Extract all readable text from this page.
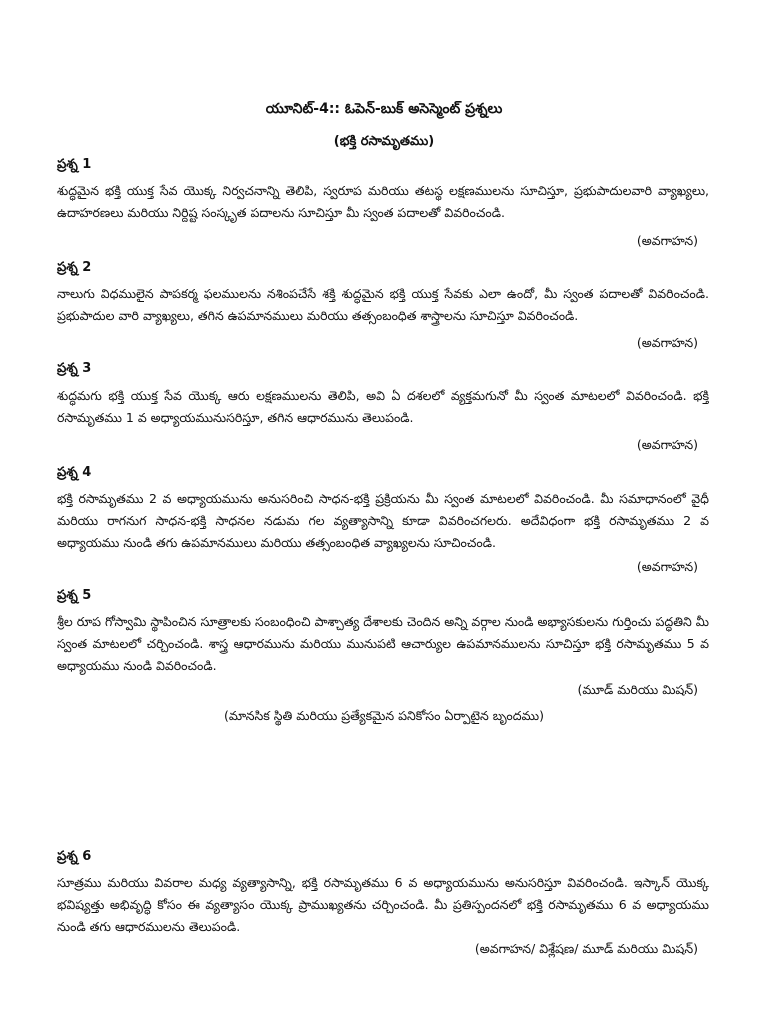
యూనిట్-4:: ఓపెన్-బుక్ అసెస్మెంట్ ప్రశ్నలు
(భక్తి రసామృతము)
ప్రశ్న 1
శుద్ధమైన భక్తి యుక్త సేవ యొక్క నిర్వచనాన్ని తెలిపి, స్వరూప మరియు తటస్థ లక్షణములను సూచిస్తూ, ప్రభుపాదులవారి వ్యాఖ్యలు, ఉదాహరణలు మరియు నిర్దిష్ట సంస్కృత పదాలను సూచిస్తూ మీ స్వంత పదాలతో వివరించండి.
(అవగాహన)
ప్రశ్న 2
నాలుగు విధములైన పాపకర్మ ఫలములను నశింపచేసే శక్తి శుద్ధమైన భక్తి యుక్త సేవకు ఎలా ఉందో, మీ స్వంత పదాలతో వివరించండి. ప్రభుపాదుల వారి వ్యాఖ్యలు, తగిన ఉపమానములు మరియు తత్సంబంధిత శాస్త్రాలను సూచిస్తూ వివరించండి.
(అవగాహన)
ప్రశ్న 3
శుద్ధమగు భక్తి యుక్త సేవ యొక్క ఆరు లక్షణములను తెలిపి, అవి ఏ దశలలో వ్యక్తమగునో మీ స్వంత మాటలలో వివరించండి. భక్తి రసామృతము 1 వ అధ్యాయమునుసరిస్తూ, తగిన ఆధారమును తెలుపండి.
(అవగాహన)
ప్రశ్న 4
భక్తి రసామృతము 2 వ అధ్యాయమును అనుసరించి సాధన-భక్తి ప్రక్రియను మీ స్వంత మాటలలో వివరించండి. మీ సమాధానంలో వైధీ మరియు రాగనుగ సాధన-భక్తి సాధనల నడుమ గల వ్యత్యాసాన్ని కూడా వివరించగలరు. అదేవిధంగా భక్తి రసామృతము 2 వ అధ్యాయము నుండి తగు ఉపమానములు మరియు తత్సంబంధిత వ్యాఖ్యలను సూచించండి.
(అవగాహన)
ప్రశ్న 5
శ్రీల రూప గోస్వామి స్థాపించిన సూత్రాలకు సంబంధించి పాశ్చాత్య దేశాలకు చెందిన అన్ని వర్గాల నుండి అభ్యాసకులను గుర్తించు పద్ధతిని మీ స్వంత మాటలలో చర్చించండి. శాస్త్ర ఆధారమును మరియు మునుపటి ఆచార్యుల ఉపమానములను సూచిస్తూ భక్తి రసామృతము 5 వ అధ్యాయము నుండి వివరించండి.
(మూడ్ మరియు మిషన్)
(మానసిక స్థితి మరియు ప్రత్యేకమైన పనికోసం ఏర్పాటైన బృందము)
ప్రశ్న 6
సూత్రము మరియు వివరాల మధ్య వ్యత్యాసాన్ని, భక్తి రసామృతము 6 వ అధ్యాయమును అనుసరిస్తూ వివరించండి. ఇస్కాన్ యొక్క భవిష్యత్తు అభివృద్ధి కోసం ఈ వ్యత్యాసం యొక్క ప్రాముఖ్యతను చర్చించండి. మీ ప్రతిస్పందనలో భక్తి రసామృతము 6 వ అధ్యాయము నుండి తగు ఆధారములను తెలుపండి.
(అవగాహన/ విశ్లేషణ/ మూడ్ మరియు మిషన్)
